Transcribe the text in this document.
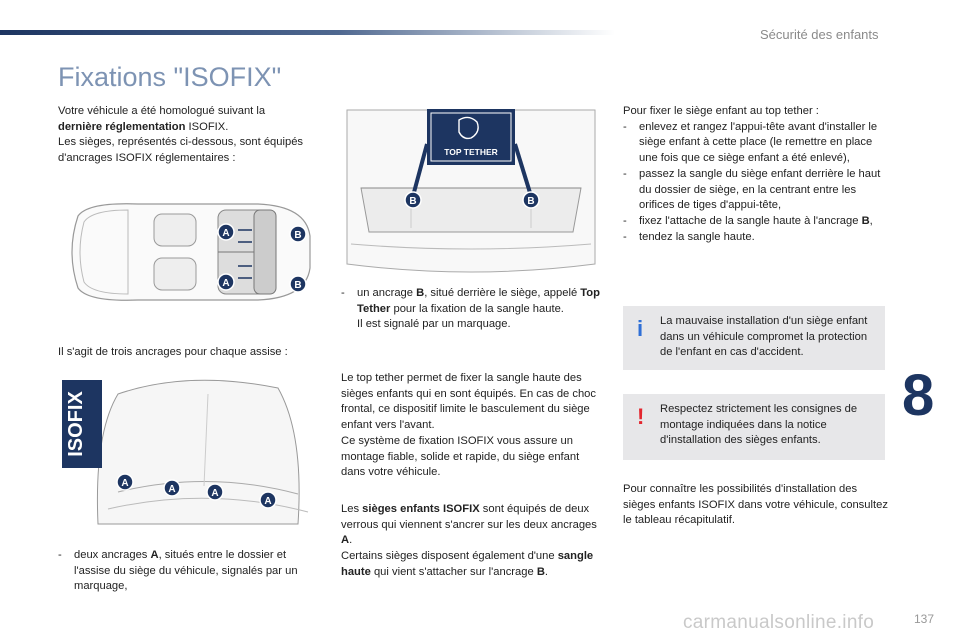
Sécurité des enfants
Fixations "ISOFIX"
Votre véhicule a été homologué suivant la
dernière réglementation ISOFIX.
Les sièges, représentés ci-dessous, sont équipés d'ancrages ISOFIX réglementaires :
A
A
B
B
Il s'agit de trois ancrages pour chaque assise :
ISOFIX
A
A	A
A
-	deux ancrages A, situés entre le dossier et l'assise du siège du véhicule, signalés par un marquage,
TOP TETHER
B	B
-	un ancrage B, situé derrière le siège, appelé Top Tether pour la fixation de la sangle haute.
Il est signalé par un marquage.
Le top tether permet de fixer la sangle haute des sièges enfants qui en sont équipés. En cas de choc frontal, ce dispositif limite le basculement du siège enfant vers l'avant.
Ce système de fixation ISOFIX vous assure un montage fiable, solide et rapide, du siège enfant dans votre véhicule.
Les sièges enfants ISOFIX sont équipés de deux verrous qui viennent s'ancrer sur les deux ancrages A.
Certains sièges disposent également d'une sangle haute qui vient s'attacher sur l'ancrage B.
Pour fixer le siège enfant au top tether :
-	enlevez et rangez l'appui-tête avant d'installer le siège enfant à cette place (le remettre en place une fois que ce siège enfant a été enlevé),
-	passez la sangle du siège enfant derrière le haut du dossier de siège, en la centrant entre les orifices de tiges d'appui-tête,
-	fixez l'attache de la sangle haute à l'ancrage B,
-	tendez la sangle haute.
i La mauvaise installation d'un siège enfant dans un véhicule compromet la protection de l'enfant en cas d'accident.
! Respectez strictement les consignes de montage indiquées dans la notice d'installation des sièges enfants.
Pour connaître les possibilités d'installation des sièges enfants ISOFIX dans votre véhicule, consultez le tableau récapitulatif.
8
carmanualsonline.info	137
